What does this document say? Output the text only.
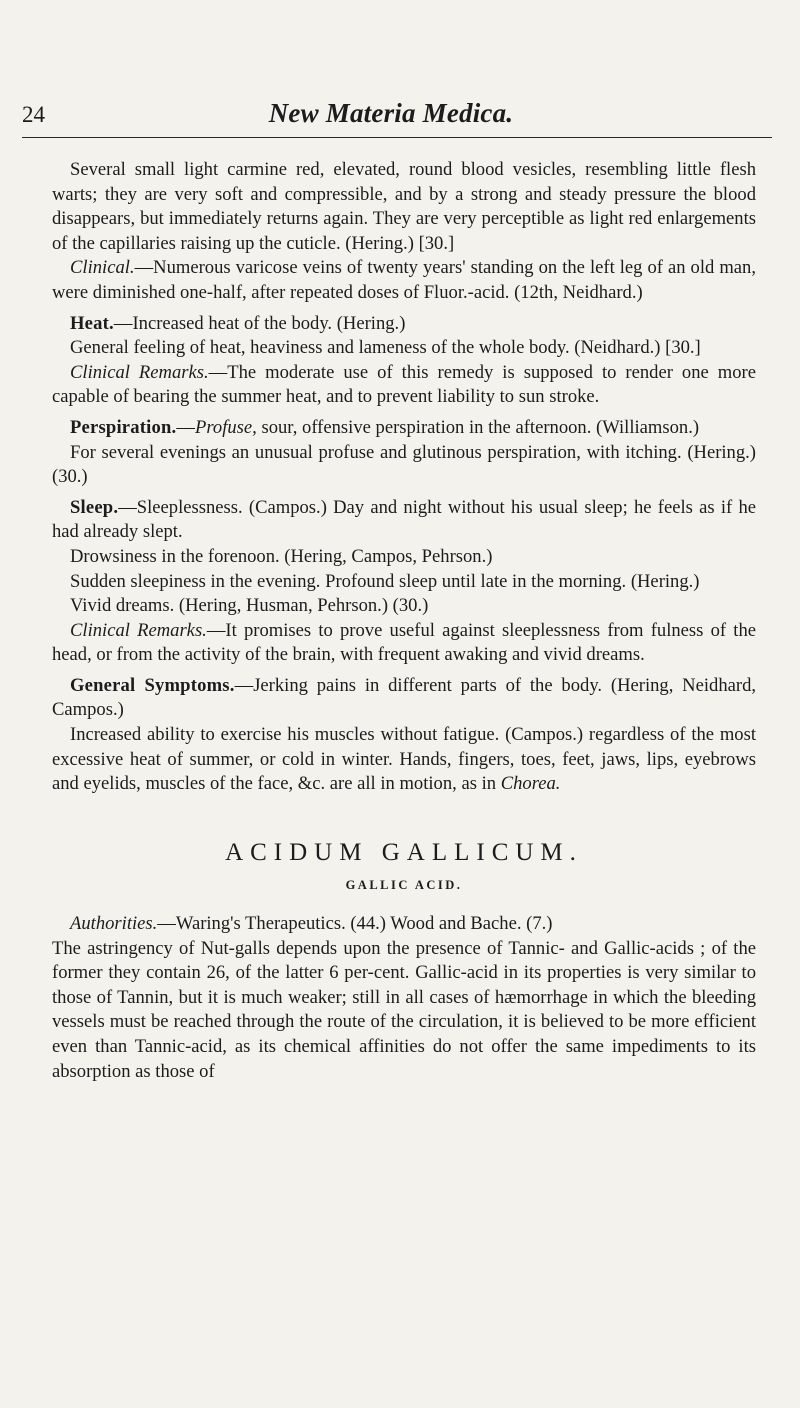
24	New Materia Medica.

Several small light carmine red, elevated, round blood vesicles, resembling little flesh warts; they are very soft and compressible, and by a strong and steady pressure the blood disappears, but immediately returns again. They are very perceptible as light red enlargements of the capillaries raising up the cuticle. (Hering.) [30.]

Clinical.—Numerous varicose veins of twenty years' standing on the left leg of an old man, were diminished one-half, after repeated doses of Fluor.-acid. (12th, Neidhard.)

Heat.—Increased heat of the body. (Hering.)

General feeling of heat, heaviness and lameness of the whole body. (Neidhard.) [30.]

Clinical Remarks.—The moderate use of this remedy is supposed to render one more capable of bearing the summer heat, and to prevent liability to sun stroke.

Perspiration.—Profuse, sour, offensive perspiration in the afternoon. (Williamson.)

For several evenings an unusual profuse and glutinous perspiration, with itching. (Hering.) (30.)

Sleep.—Sleeplessness. (Campos.) Day and night without his usual sleep; he feels as if he had already slept.

Drowsiness in the forenoon. (Hering, Campos, Pehrson.)

Sudden sleepiness in the evening. Profound sleep until late in the morning. (Hering.)

Vivid dreams. (Hering, Husman, Pehrson.) (30.)

Clinical Remarks.—It promises to prove useful against sleeplessness from fulness of the head, or from the activity of the brain, with frequent awaking and vivid dreams.

General Symptoms.—Jerking pains in different parts of the body. (Hering, Neidhard, Campos.)

Increased ability to exercise his muscles without fatigue. (Campos.) regardless of the most excessive heat of summer, or cold in winter. Hands, fingers, toes, feet, jaws, lips, eyebrows and eyelids, muscles of the face, &c. are all in motion, as in Chorea.

ACIDUM GALLICUM.
GALLIC ACID.

Authorities.—Waring's Therapeutics. (44.) Wood and Bache. (7.)

The astringency of Nut-galls depends upon the presence of Tannic- and Gallic-acids ; of the former they contain 26, of the latter 6 per-cent. Gallic-acid in its properties is very similar to those of Tannin, but it is much weaker; still in all cases of hæmorrhage in which the bleeding vessels must be reached through the route of the circulation, it is believed to be more efficient even than Tannic-acid, as its chemical affinities do not offer the same impediments to its absorption as those of
